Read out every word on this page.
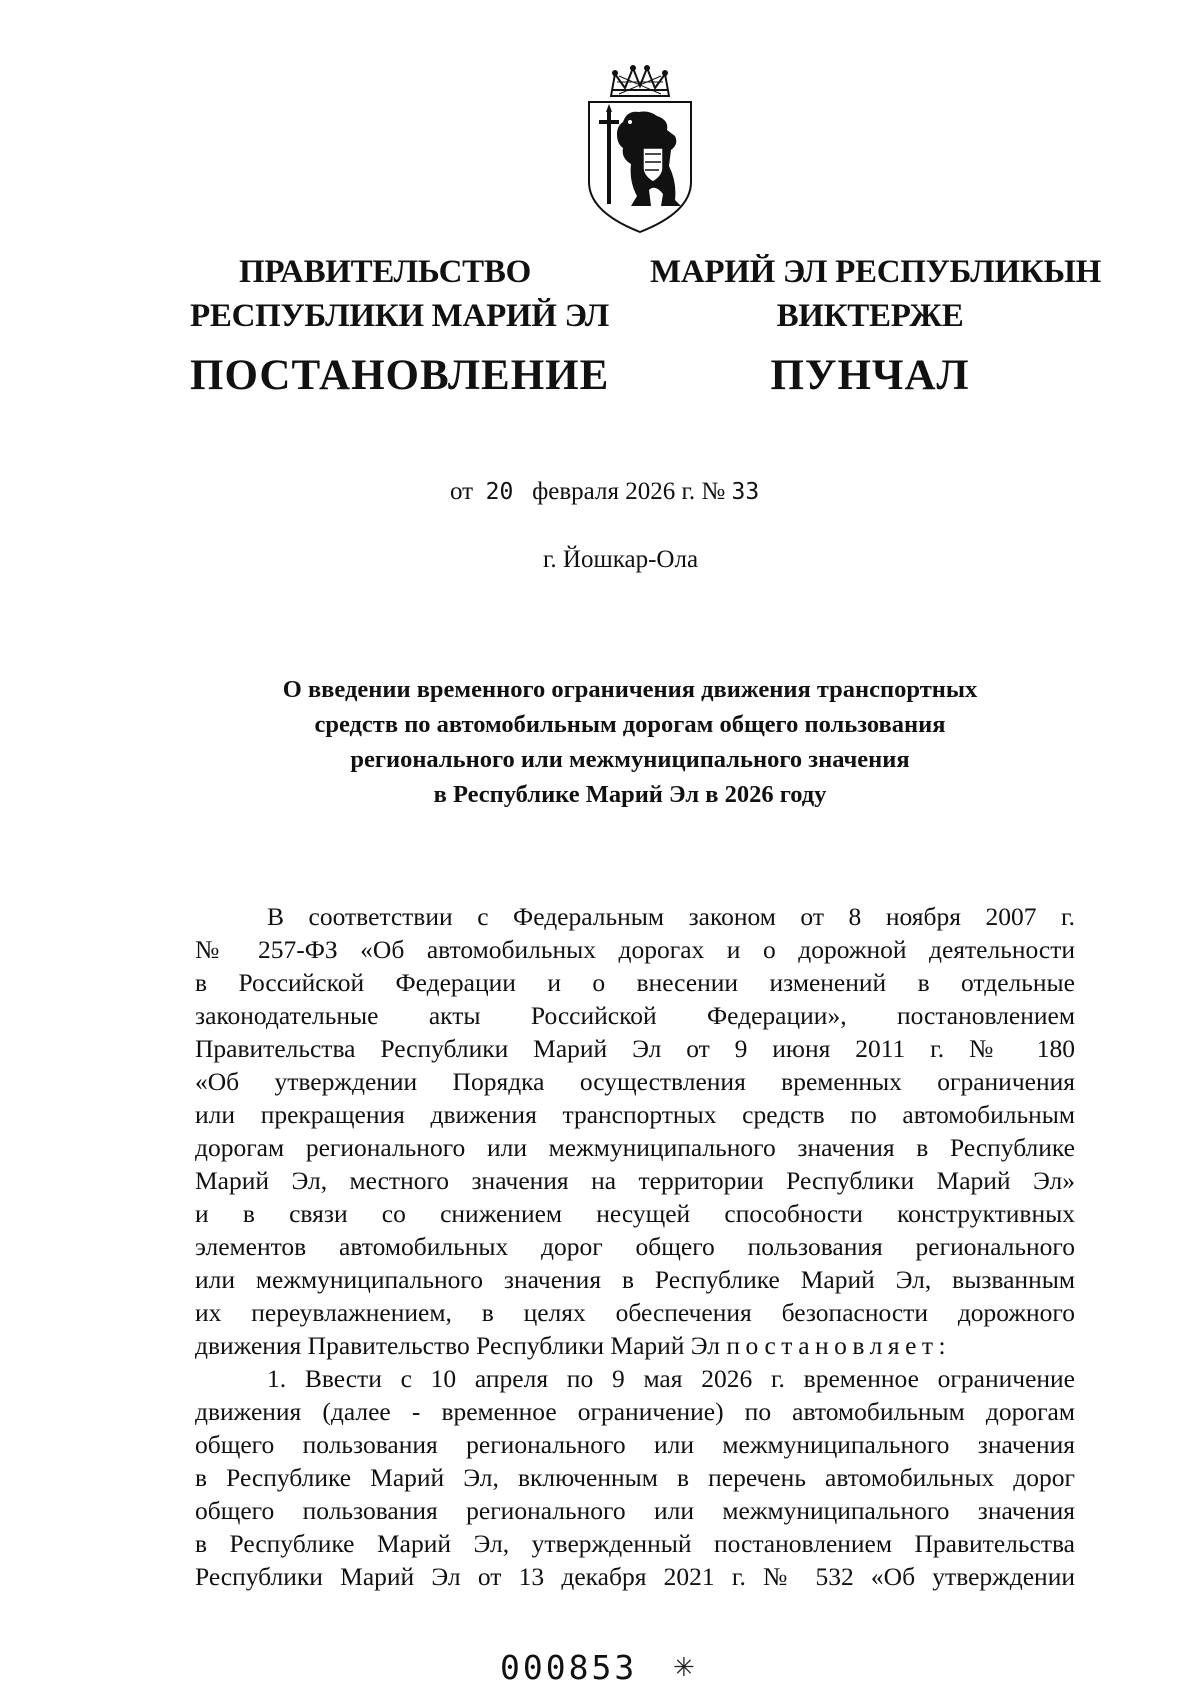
ПРАВИТЕЛЬСТВО
РЕСПУБЛИКИ МАРИЙ ЭЛ
ПОСТАНОВЛЕНИЕ
МАРИЙ ЭЛ РЕСПУБЛИКЫН
ВИКТЕРЖЕ
ПУНЧАЛ
от 20 февраля 2026 г. № 33
г. Йошкар-Ола
О введении временного ограничения движения транспортных
средств по автомобильным дорогам общего пользования
регионального или межмуниципального значения
в Республике Марий Эл в 2026 году
В соответствии с Федеральным законом от 8 ноября 2007 г.
№ 257-ФЗ «Об автомобильных дорогах и о дорожной деятельности
в Российской Федерации и о внесении изменений в отдельные
законодательные акты Российской Федерации», постановлением
Правительства Республики Марий Эл от 9 июня 2011 г. № 180
«Об утверждении Порядка осуществления временных ограничения
или прекращения движения транспортных средств по автомобильным
дорогам регионального или межмуниципального значения в Республике
Марий Эл, местного значения на территории Республики Марий Эл»
и в связи со снижением несущей способности конструктивных
элементов автомобильных дорог общего пользования регионального
или межмуниципального значения в Республике Марий Эл, вызванным
их переувлажнением, в целях обеспечения безопасности дорожного
движения Правительство Республики Марий Эл постановляет:
1. Ввести с 10 апреля по 9 мая 2026 г. временное ограничение
движения (далее - временное ограничение) по автомобильным дорогам
общего пользования регионального или межмуниципального значения
в Республике Марий Эл, включенным в перечень автомобильных дорог
общего пользования регионального или межмуниципального значения
в Республике Марий Эл, утвержденный постановлением Правительства
Республики Марий Эл от 13 декабря 2021 г. № 532 «Об утверждении
000853 ✳
